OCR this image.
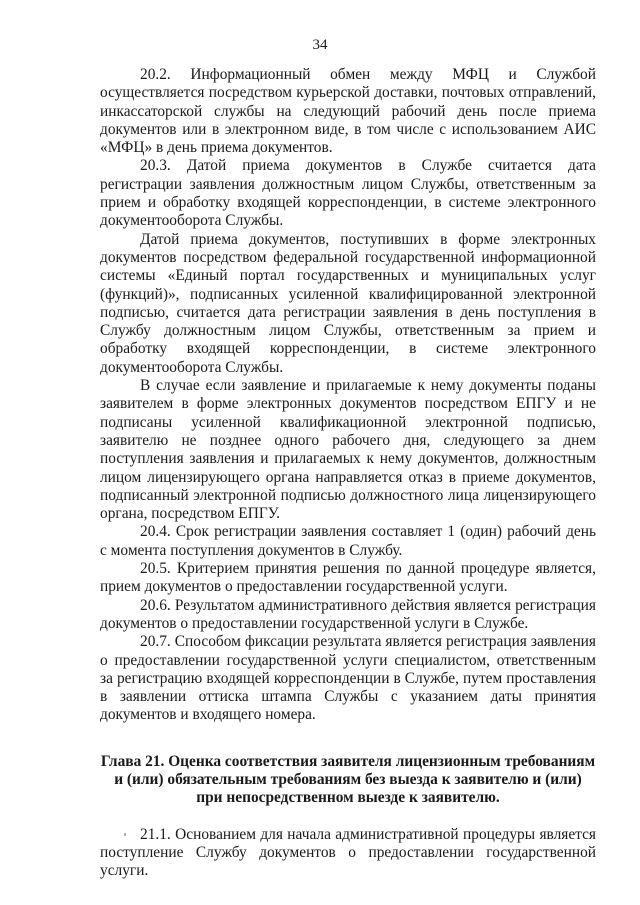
34

20.2. Информационный обмен между МФЦ и Службой осуществляется посредством курьерской доставки, почтовых отправлений, инкассаторской службы на следующий рабочий день после приема документов или в электронном виде, в том числе с использованием АИС «МФЦ» в день приема документов.

20.3. Датой приема документов в Службе считается дата регистрации заявления должностным лицом Службы, ответственным за прием и обработку входящей корреспонденции, в системе электронного документооборота Службы.

Датой приема документов, поступивших в форме электронных документов посредством федеральной государственной информационной системы «Единый портал государственных и муниципальных услуг (функций)», подписанных усиленной квалифицированной электронной подписью, считается дата регистрации заявления в день поступления в Службу должностным лицом Службы, ответственным за прием и обработку входящей корреспонденции, в системе электронного документооборота Службы.

В случае если заявление и прилагаемые к нему документы поданы заявителем в форме электронных документов посредством ЕПГУ и не подписаны усиленной квалификационной электронной подписью, заявителю не позднее одного рабочего дня, следующего за днем поступления заявления и прилагаемых к нему документов, должностным лицом лицензирующего органа направляется отказ в приеме документов, подписанный электронной подписью должностного лица лицензирующего органа, посредством ЕПГУ.

20.4. Срок регистрации заявления составляет 1 (один) рабочий день с момента поступления документов в Службу.

20.5. Критерием принятия решения по данной процедуре является, прием документов о предоставлении государственной услуги.

20.6. Результатом административного действия является регистрация документов о предоставлении государственной услуги в Службе.

20.7. Способом фиксации результата является регистрация заявления о предоставлении государственной услуги специалистом, ответственным за регистрацию входящей корреспонденции в Службе, путем проставления в заявлении оттиска штампа Службы с указанием даты принятия документов и входящего номера.

Глава 21. Оценка соответствия заявителя лицензионным требованиям и (или) обязательным требованиям без выезда к заявителю и (или) при непосредственном выезде к заявителю.

21.1. Основанием для начала административной процедуры является поступление Службу документов о предоставлении государственной услуги.
